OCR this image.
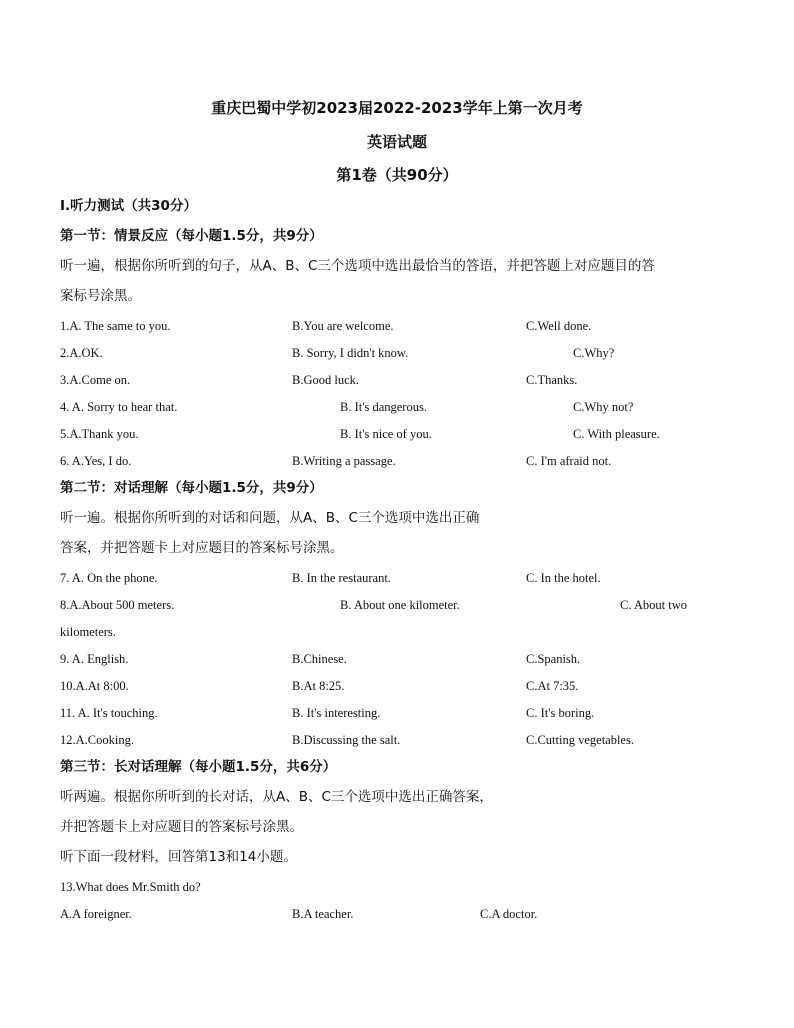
重庆巴蜀中学初2023届2022-2023学年上第一次月考
英语试题
第1卷（共90分）
I.听力测试（共30分）
第一节：情景反应（每小题1.5分，共9分）
听一遍，根据你所听到的句子，从A、B、C三个选项中选出最恰当的答语，并把答题上对应题目的答
案标号涂黑。
1.A. The same to you.	B.You are welcome.	C.Well done.
2.A.OK.	B. Sorry, I didn't know.	C.Why?
3.A.Come on.	B.Good luck.	C.Thanks.
4. A. Sorry to hear that.	B. It's dangerous.	C.Why not?
5.A.Thank you.	B. It's nice of you.	C. With pleasure.
6. A.Yes, I do.	B.Writing a passage.	C. I'm afraid not.
第二节：对话理解（每小题1.5分，共9分）
听一遍。根据你所听到的对话和问题，从A、B、C三个选项中选出正确
答案，并把答题卡上对应题目的答案标号涂黑。
7. A. On the phone.	B. In the restaurant.	C. In the hotel.
8.A.About 500 meters.	B. About one kilometer.	C. About two
kilometers.
9. A. English.	B.Chinese.	C.Spanish.
10.A.At 8:00.	B.At 8:25.	C.At 7:35.
11. A. It's touching.	B. It's interesting.	C. It's boring.
12.A.Cooking.	B.Discussing the salt.	C.Cutting vegetables.
第三节：长对话理解（每小题1.5分，共6分）
听两遍。根据你所听到的长对话，从A、B、C三个选项中选出正确答案，
并把答题卡上对应题目的答案标号涂黑。
听下面一段材料，回答第13和14小题。
13.What does Mr.Smith do?
A.A foreigner.	B.A teacher.	C.A doctor.
